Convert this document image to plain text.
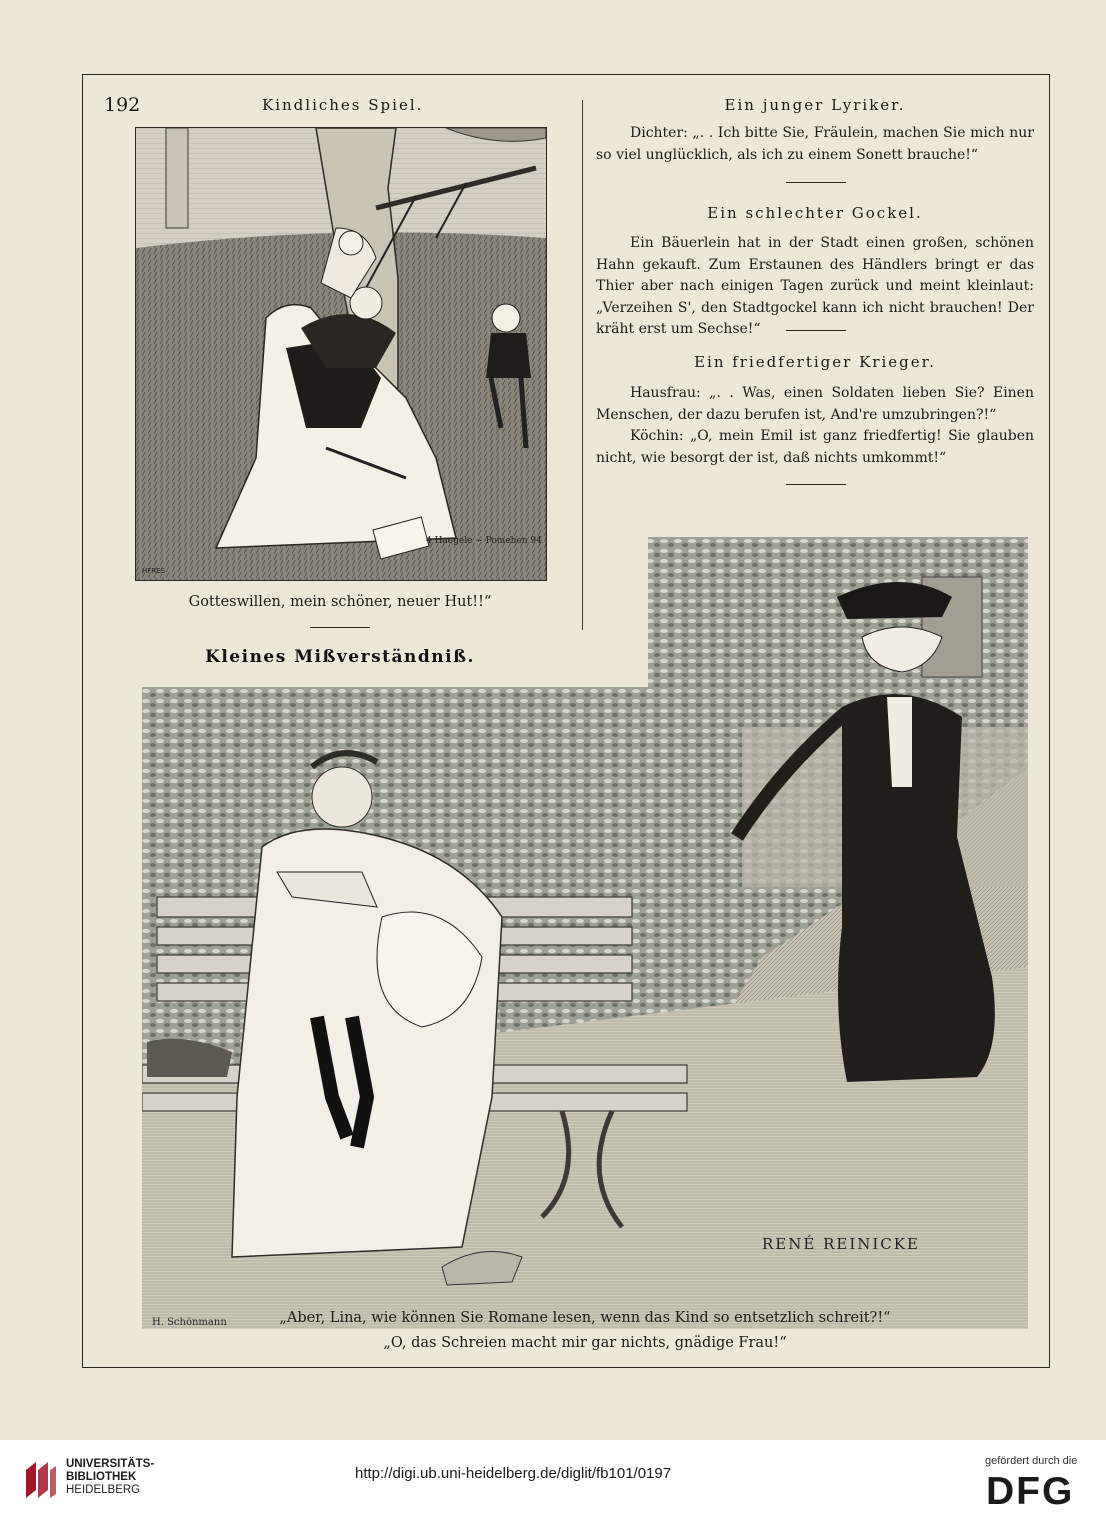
192	Kindliches Spiel.
4 Haegele ~ Pomehen 94
HFRES
Gotteswillen, mein schöner, neuer Hut!!“
Ein junger Lyriker.
Dichter: „. . Ich bitte Sie, Fräulein, machen Sie mich nur so viel unglücklich, als ich zu einem Sonett brauche!“
Ein schlechter Gockel.
Ein Bäuerlein hat in der Stadt einen großen, schönen Hahn gekauft. Zum Erstaunen des Händlers bringt er das Thier aber nach einigen Tagen zurück und meint kleinlaut: „Verzeihen S', den Stadtgockel kann ich nicht brauchen! Der kräht erst um Sechse!“
Ein friedfertiger Krieger.
Hausfrau: „. . Was, einen Soldaten lieben Sie? Einen Menschen, der dazu berufen ist, And're umzubringen?!“
Köchin: „O, mein Emil ist ganz friedfertig! Sie glauben nicht, wie besorgt der ist, daß nichts umkommt!“
Kleines Mißverständniß.
RENÉ REINICKE
H. Schönmann	„Aber, Lina, wie können Sie Romane lesen, wenn das Kind so entsetzlich schreit?!“
„O, das Schreien macht mir gar nichts, gnädige Frau!“
UNIVERSITÄTS-
BIBLIOTHEK
HEIDELBERG
http://digi.ub.uni-heidelberg.de/diglit/fb101/0197
gefördert durch die
DFG
